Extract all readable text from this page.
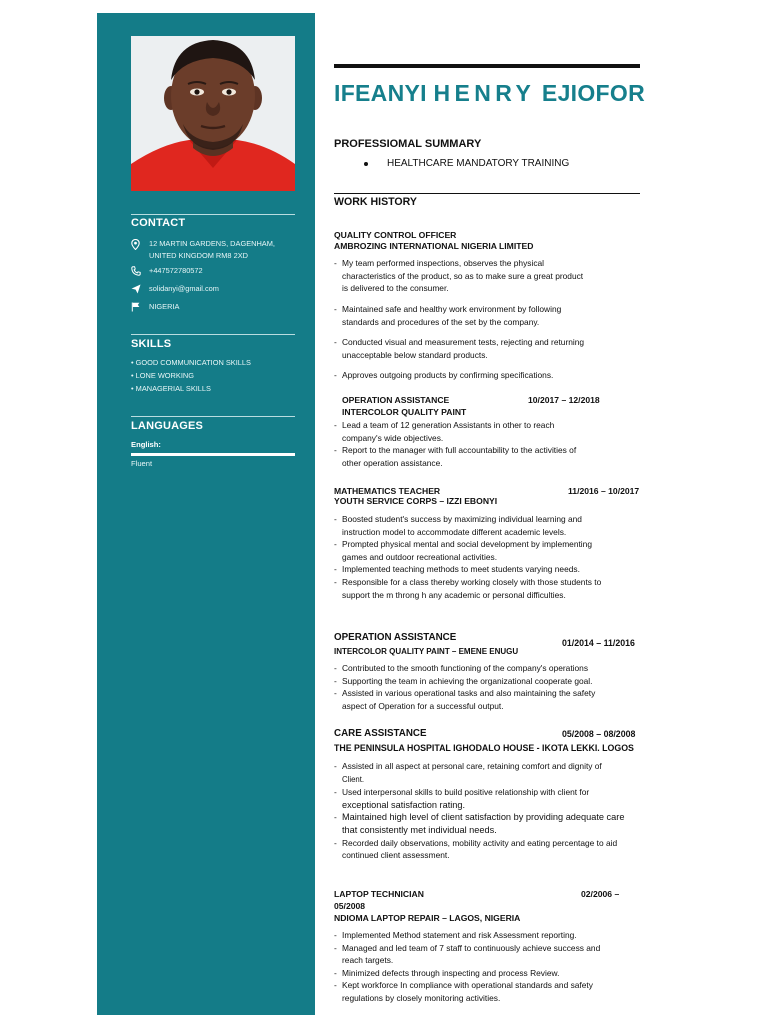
CONTACT
12 MARTIN GARDENS, DAGENHAM,
UNITED KINGDOM RM8 2XD
+447572780572
solidanyi@gmail.com
NIGERIA
SKILLS
• GOOD COMMUNICATION SKILLS
• LONE WORKING
• MANAGERIAL SKILLS
LANGUAGES
English:
Fluent
IFEANYI HENRY EJIOFOR
PROFESSIOMAL SUMMARY
HEALTHCARE MANDATORY TRAINING
WORK HISTORY
QUALITY CONTROL OFFICER
AMBROZING INTERNATIONAL NIGERIA LIMITED
- My team performed inspections, observes the physical
characteristics of the product, so as to make sure a great product
is delivered to the consumer.
- Maintained safe and healthy work environment by following
standards and procedures of the set by the company.
- Conducted visual and measurement tests, rejecting and returning
unacceptable below standard products.
- Approves outgoing products by confirming specifications.
OPERATION ASSISTANCE	10/2017 – 12/2018
INTERCOLOR QUALITY PAINT
- Lead a team of 12 generation Assistants in other to reach
company's wide objectives.
- Report to the manager with full accountability to the activities of
other operation assistance.
MATHEMATICS TEACHER	11/2016 – 10/2017
YOUTH SERVICE CORPS – IZZI EBONYI
- Boosted student's success by maximizing individual learning and
instruction model to accommodate different academic levels.
- Prompted physical mental and social development by implementing
games and outdoor recreational activities.
- Implemented teaching methods to meet students varying needs.
- Responsible for a class thereby working closely with those students to
support the m throng h any academic or personal difficulties.
OPERATION ASSISTANCE	01/2014 – 11/2016
INTERCOLOR QUALITY PAINT – EMENE ENUGU
- Contributed to the smooth functioning of the company's operations
- Supporting the team in achieving the organizational cooperate goal.
- Assisted in various operational tasks and also maintaining the safety
aspect of Operation for a successful output.
CARE ASSISTANCE	05/2008 – 08/2008
THE PENINSULA HOSPITAL IGHODALO HOUSE - IKOTA LEKKI. LOGOS
- Assisted in all aspect at personal care, retaining comfort and dignity of
Client.
- Used interpersonal skills to build positive relationship with client for
exceptional satisfaction rating.
- Maintained high level of client satisfaction by providing adequate care
that consistently met individual needs.
- Recorded daily observations, mobility activity and eating percentage to aid
continued client assessment.
LAPTOP TECHNICIAN	02/2006 –
05/2008
NDIOMA LAPTOP REPAIR – LAGOS, NIGERIA
- Implemented Method statement and risk Assessment reporting.
- Managed and led team of 7 staff to continuously achieve success and
reach targets.
- Minimized defects through inspecting and process Review.
- Kept workforce In compliance with operational standards and safety
regulations by closely monitoring activities.
